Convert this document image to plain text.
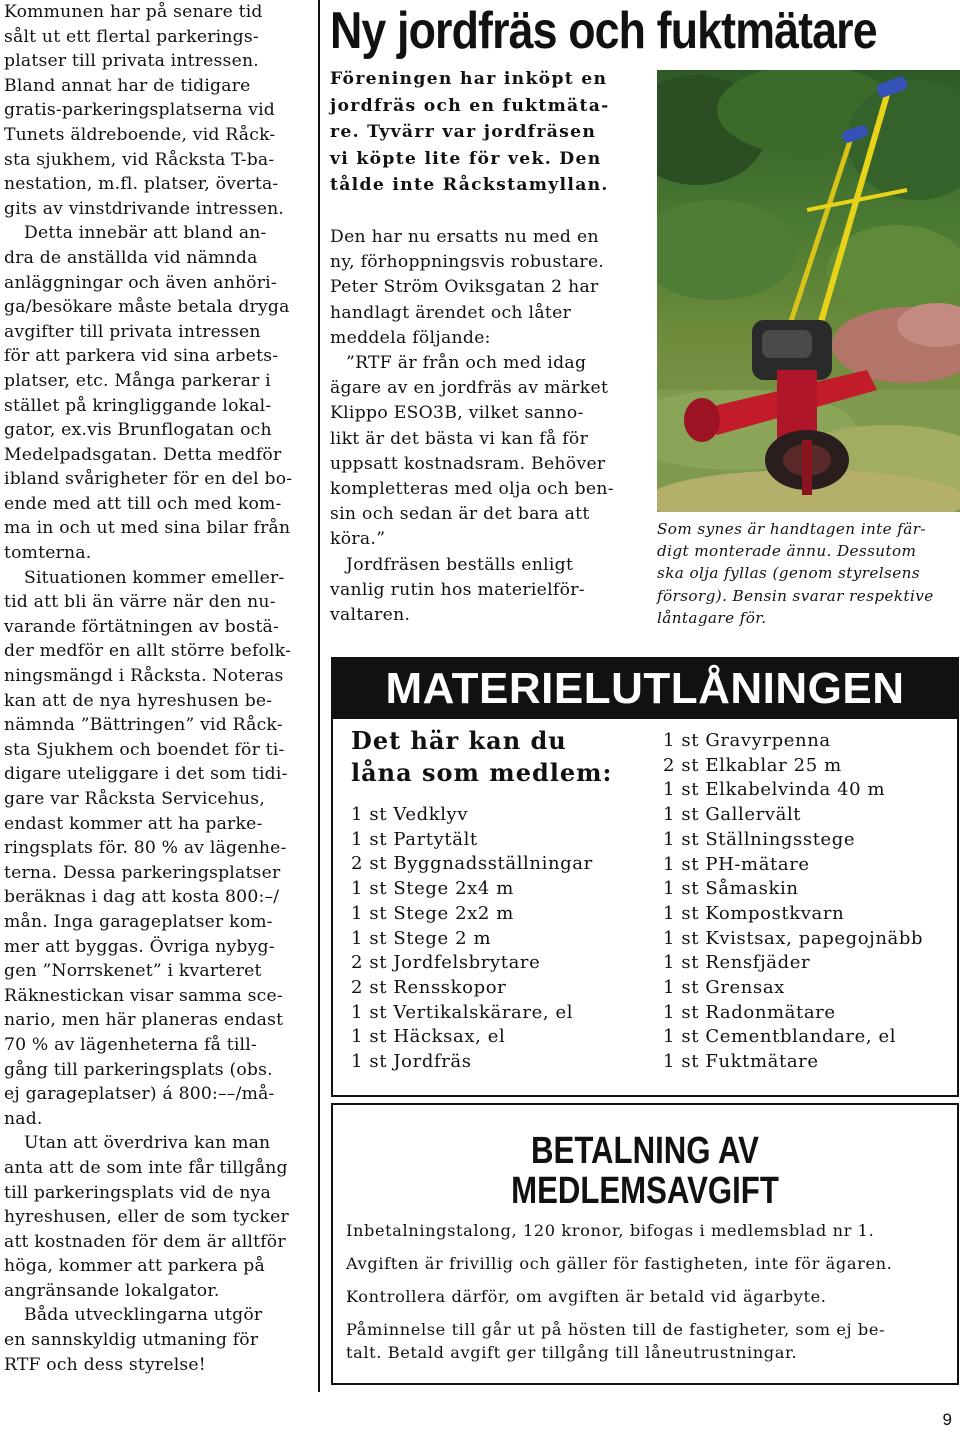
Kommunen har på senare tid
sålt ut ett flertal parkerings-
platser till privata intressen.
Bland annat har de tidigare
gratis-parkeringsplatserna vid
Tunets äldreboende, vid Råck-
sta sjukhem, vid Råcksta T-ba-
nestation, m.fl. platser, överta-
gits av vinstdrivande intressen.

Detta innebär att bland an-
dra de anställda vid nämnda
anläggningar och även anhöri-
ga/besökare måste betala dryga
avgifter till privata intressen
för att parkera vid sina arbets-
platser, etc. Många parkerar i
stället på kringliggande lokal-
gator, ex.vis Brunflogatan och
Medelpadsgatan. Detta medför
ibland svårigheter för en del bo-
ende med att till och med kom-
ma in och ut med sina bilar från
tomterna.

Situationen kommer emeller-
tid att bli än värre när den nu-
varande förtätningen av bostä-
der medför en allt större befolk-
ningsmängd i Råcksta. Noteras
kan att de nya hyreshusen be-
nämnda ”Bättringen” vid Råck-
sta Sjukhem och boendet för ti-
digare uteliggare i det som tidi-
gare var Råcksta Servicehus,
endast kommer att ha parke-
ringsplats för. 80 % av lägenhe-
terna. Dessa parkeringsplatser
beräknas i dag att kosta 800:–/
mån. Inga garageplatser kom-
mer att byggas. Övriga nybyg-
gen ”Norrskenet” i kvarteret
Räknestickan visar samma sce-
nario, men här planeras endast
70 % av lägenheterna få till-
gång till parkeringsplats (obs.
ej garageplatser) á 800:––/må-
nad.

Utan att överdriva kan man
anta att de som inte får tillgång
till parkeringsplats vid de nya
hyreshusen, eller de som tycker
att kostnaden för dem är alltför
höga, kommer att parkera på
angränsande lokalgator.

Båda utvecklingarna utgör
en sannskyldig utmaning för
RTF och dess styrelse!

Ny jordfräs och fuktmätare

Föreningen har inköpt en
jordfräs och en fuktmäta-
re. Tyvärr var jordfräsen
vi köpte lite för vek. Den
tålde inte Råckstamyllan.

Den har nu ersatts nu med en
ny, förhoppningsvis robustare.
Peter Ström Oviksgatan 2 har
handlagt ärendet och låter
meddela följande:

”RTF är från och med idag
ägare av en jordfräs av märket
Klippo ESO3B, vilket sanno-
likt är det bästa vi kan få för
uppsatt kostnadsram. Behöver
kompletteras med olja och ben-
sin och sedan är det bara att
köra.”

Jordfräsen beställs enligt
vanlig rutin hos materielför-
valtaren.

Som synes är handtagen inte fär-
digt monterade ännu. Dessutom
ska olja fyllas (genom styrelsens
försorg). Bensin svarar respektive
låntagare för.

MATERIELUTLÅNINGEN
Det här kan du
låna som medlem:
1 st Vedklyv
1 st Partytält
2 st Byggnadsställningar
1 st Stege 2x4 m
1 st Stege 2x2 m
1 st Stege 2 m
2 st Jordfelsbrytare
2 st Rensskopor
1 st Vertikalskärare, el
1 st Häcksax, el
1 st Jordfräs
1 st Gravyrpenna
2 st Elkablar 25 m
1 st Elkabelvinda 40 m
1 st Gallervält
1 st Ställningsstege
1 st PH-mätare
1 st Såmaskin
1 st Kompostkvarn
1 st Kvistsax, papegojnäbb
1 st Rensfjäder
1 st Grensax
1 st Radonmätare
1 st Cementblandare, el
1 st Fuktmätare
BETALNING AV
MEDLEMSAVGIFT

Inbetalningstalong, 120 kronor, bifogas i medlemsblad nr 1.

Avgiften är frivillig och gäller för fastigheten, inte för ägaren.

Kontrollera därför, om avgiften är betald vid ägarbyte.

Påminnelse till går ut på hösten till de fastigheter, som ej be-
talt. Betald avgift ger tillgång till låneutrustningar.

9
